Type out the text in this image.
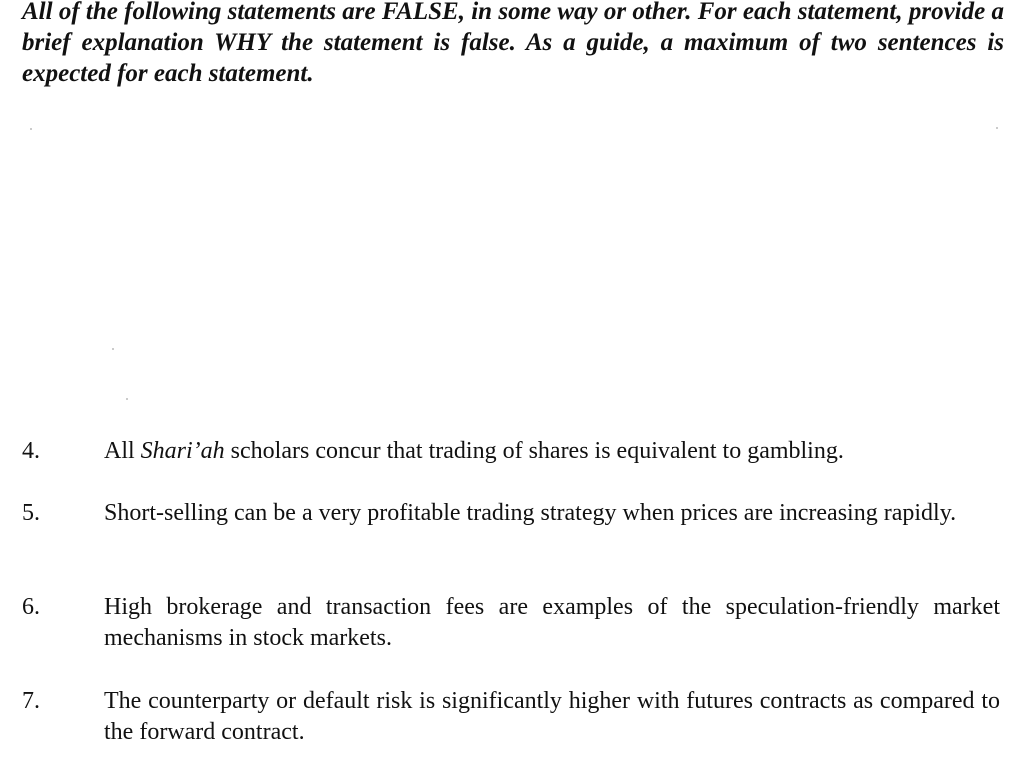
All of the following statements are FALSE, in some way or other. For each statement, provide a brief explanation WHY the statement is false. As a guide, a maximum of two sentences is expected for each statement.
4.	All Shari’ah scholars concur that trading of shares is equivalent to gambling.
5.	Short-selling can be a very profitable trading strategy when prices are increasing rapidly.
6.	High brokerage and transaction fees are examples of the speculation-friendly market mechanisms in stock markets.
7.	The counterparty or default risk is significantly higher with futures contracts as compared to the forward contract.
